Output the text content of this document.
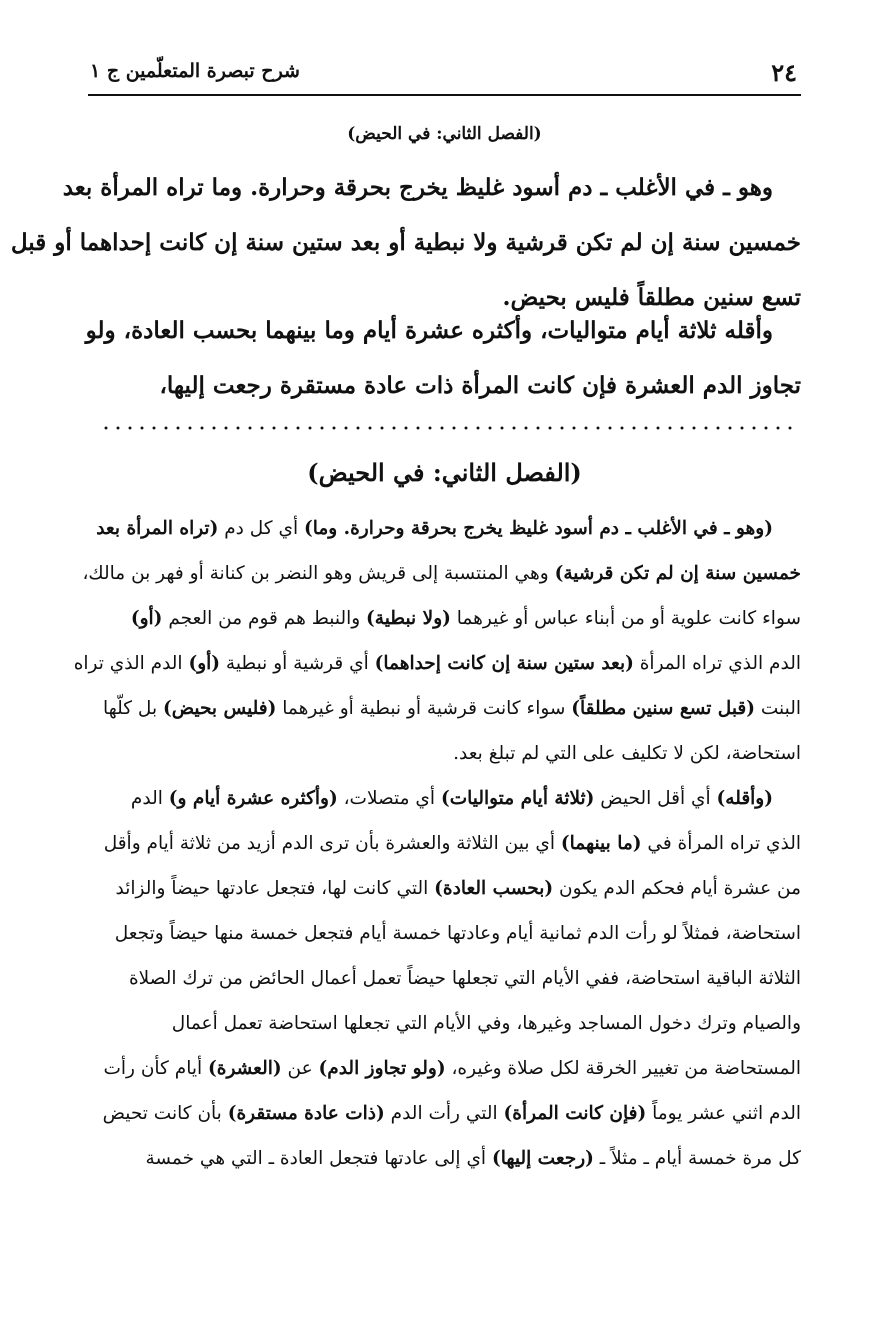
٢٤
شرح تبصرة المتعلّمين ج ١
(الفصل الثاني: في الحيض)
وهو ـ في الأغلب ـ دم أسود غليظ يخرج بحرقة وحرارة. وما تراه المرأة بعد
خمسين سنة إن لم تكن قرشية ولا نبطية أو بعد ستين سنة إن كانت إحداهما أو قبل
تسع سنين مطلقاً فليس بحيض.
وأقله ثلاثة أيام متواليات، وأكثره عشرة أيام وما بينهما بحسب العادة، ولو
تجاوز الدم العشرة فإن كانت المرأة ذات عادة مستقرة رجعت إليها،
(الفصل الثاني: في الحيض)
(وهو ـ في الأغلب ـ دم أسود غليظ يخرج بحرقة وحرارة. وما) أي كل دم (تراه المرأة بعد
خمسين سنة إن لم تكن قرشية) وهي المنتسبة إلى قريش وهو النضر بن كنانة أو فهر بن مالك،
سواء كانت علوية أو من أبناء عباس أو غيرهما (ولا نبطية) والنبط هم قوم من العجم (أو)
الدم الذي تراه المرأة (بعد ستين سنة إن كانت إحداهما) أي قرشية أو نبطية (أو) الدم الذي تراه
البنت (قبل تسع سنين مطلقاً) سواء كانت قرشية أو نبطية أو غيرهما (فليس بحيض) بل كلّها
استحاضة، لكن لا تكليف على التي لم تبلغ بعد.
(وأقله) أي أقل الحيض (ثلاثة أيام متواليات) أي متصلات، (وأكثره عشرة أيام و) الدم
الذي تراه المرأة في (ما بينهما) أي بين الثلاثة والعشرة بأن ترى الدم أزيد من ثلاثة أيام وأقل
من عشرة أيام فحكم الدم يكون (بحسب العادة) التي كانت لها، فتجعل عادتها حيضاً والزائد
استحاضة، فمثلاً لو رأت الدم ثمانية أيام وعادتها خمسة أيام فتجعل خمسة منها حيضاً وتجعل
الثلاثة الباقية استحاضة، ففي الأيام التي تجعلها حيضاً تعمل أعمال الحائض من ترك الصلاة
والصيام وترك دخول المساجد وغيرها، وفي الأيام التي تجعلها استحاضة تعمل أعمال
المستحاضة من تغيير الخرقة لكل صلاة وغيره، (ولو تجاوز الدم) عن (العشرة) أيام كأن رأت
الدم اثني عشر يوماً (فإن كانت المرأة) التي رأت الدم (ذات عادة مستقرة) بأن كانت تحيض
كل مرة خمسة أيام ـ مثلاً ـ (رجعت إليها) أي إلى عادتها فتجعل العادة ـ التي هي خمسة
